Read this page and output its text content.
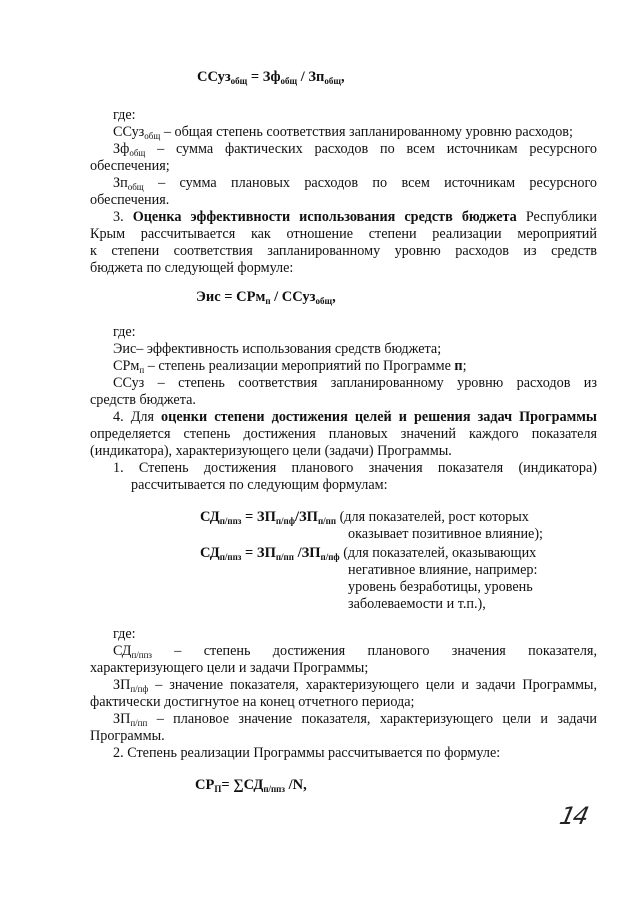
ССуз$_{общ}$ = $Зф_{общ} / Зп_{общ}$,
где:
ССуз$_{общ}$ – общая степень соответствия запланированному уровню расходов;
$Зф_{общ}$ – сумма фактических расходов по всем источникам ресурсного
обеспечения;
$Зп_{общ}$ – сумма плановых расходов по всем источникам ресурсного
обеспечения.
3. Оценка эффективности использования средств бюджета Республики
Крым рассчитывается как отношение степени реализации мероприятий
к степени соответствия запланированному уровню расходов из средств
бюджета по следующей формуле:
Эис = СРм$_п$ / ССуз$_{общ}$,
где:
Эис– эффективность использования средств бюджета;
СРм$_п$ – степень реализации мероприятий по Программе п;
ССуз – степень соответствия запланированному уровню расходов из
средств бюджета.
4. Для оценки степени достижения целей и решения задач Программы
определяется степень достижения плановых значений каждого показателя
(индикатора), характеризующего цели (задачи) Программы.
1. Степень достижения планового значения показателя (индикатора)
рассчитывается по следующим формулам:
$СД_{п/ппз} = ЗП_{п/пф}/ЗП_{п/пп}$ (для показателей, рост которых
оказывает позитивное влияние);
$СД_{п/ппз} = ЗП_{п/пп}$ $/ЗП_{п/пф}$ (для показателей, оказывающих
негативное влияние, например:
уровень безработицы, уровень
заболеваемости и т.п.),
где:
$СД_{п/ппз}$ – степень достижения планового значения показателя,
характеризующего цели и задачи Программы;
$ЗП_{п/пф}$ – значение показателя, характеризующего цели и задачи Программы,
фактически достигнутое на конец отчетного периода;
$ЗП_{п/пп}$ – плановое значение показателя, характеризующего цели и задачи
Программы.
2. Степень реализации Программы рассчитывается по формуле:
$СР_П= \sum СД_{п/ппз}$ /N,
14
